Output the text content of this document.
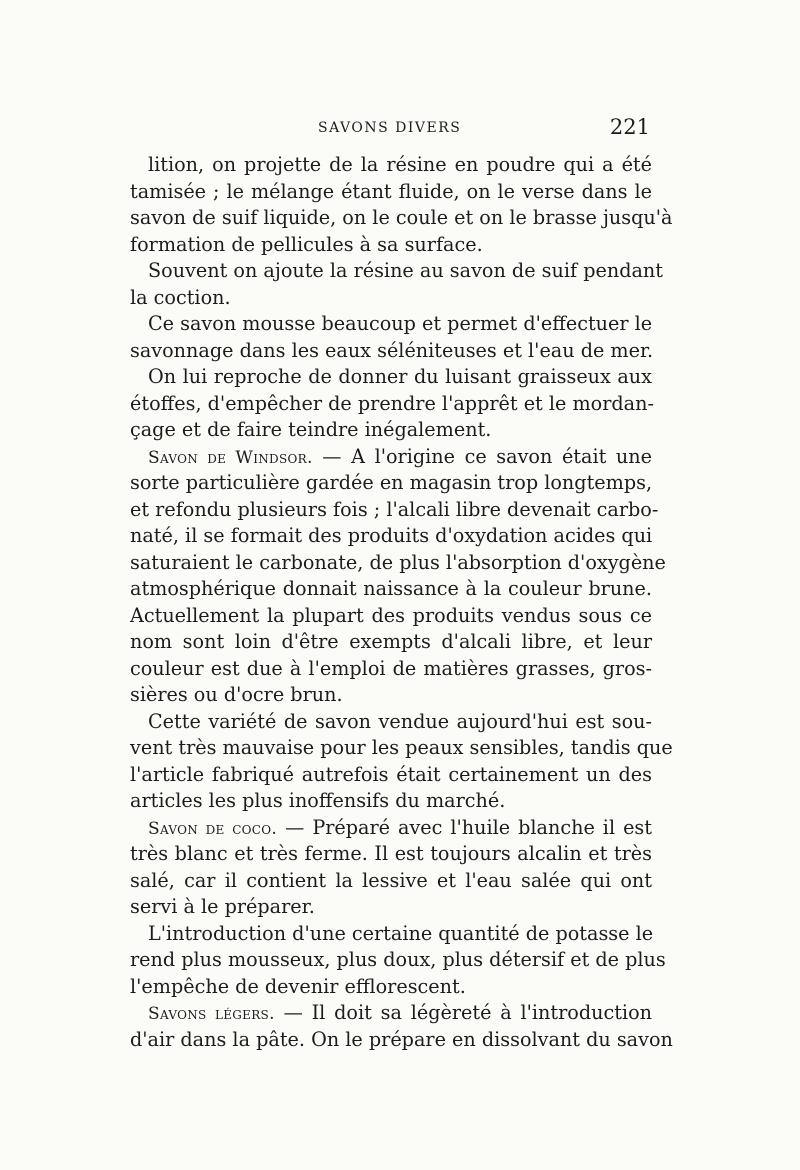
SAVONS DIVERS	221
lition, on projette de la résine en poudre qui a été
tamisée ; le mélange étant fluide, on le verse dans le
savon de suif liquide, on le coule et on le brasse jusqu'à
formation de pellicules à sa surface.
Souvent on ajoute la résine au savon de suif pendant
la coction.
Ce savon mousse beaucoup et permet d'effectuer le
savonnage dans les eaux séléniteuses et l'eau de mer.
On lui reproche de donner du luisant graisseux aux
étoffes, d'empêcher de prendre l'apprêt et le mordan-
çage et de faire teindre inégalement.
Savon de Windsor. — A l'origine ce savon était une
sorte particulière gardée en magasin trop longtemps,
et refondu plusieurs fois ; l'alcali libre devenait carbo-
naté, il se formait des produits d'oxydation acides qui
saturaient le carbonate, de plus l'absorption d'oxygène
atmosphérique donnait naissance à la couleur brune.
Actuellement la plupart des produits vendus sous ce
nom sont loin d'être exempts d'alcali libre, et leur
couleur est due à l'emploi de matières grasses, gros-
sières ou d'ocre brun.
Cette variété de savon vendue aujourd'hui est sou-
vent très mauvaise pour les peaux sensibles, tandis que
l'article fabriqué autrefois était certainement un des
articles les plus inoffensifs du marché.
Savon de coco. — Préparé avec l'huile blanche il est
très blanc et très ferme. Il est toujours alcalin et très
salé, car il contient la lessive et l'eau salée qui ont
servi à le préparer.
L'introduction d'une certaine quantité de potasse le
rend plus mousseux, plus doux, plus détersif et de plus
l'empêche de devenir efflorescent.
Savons légers. — Il doit sa légèreté à l'introduction
d'air dans la pâte. On le prépare en dissolvant du savon
